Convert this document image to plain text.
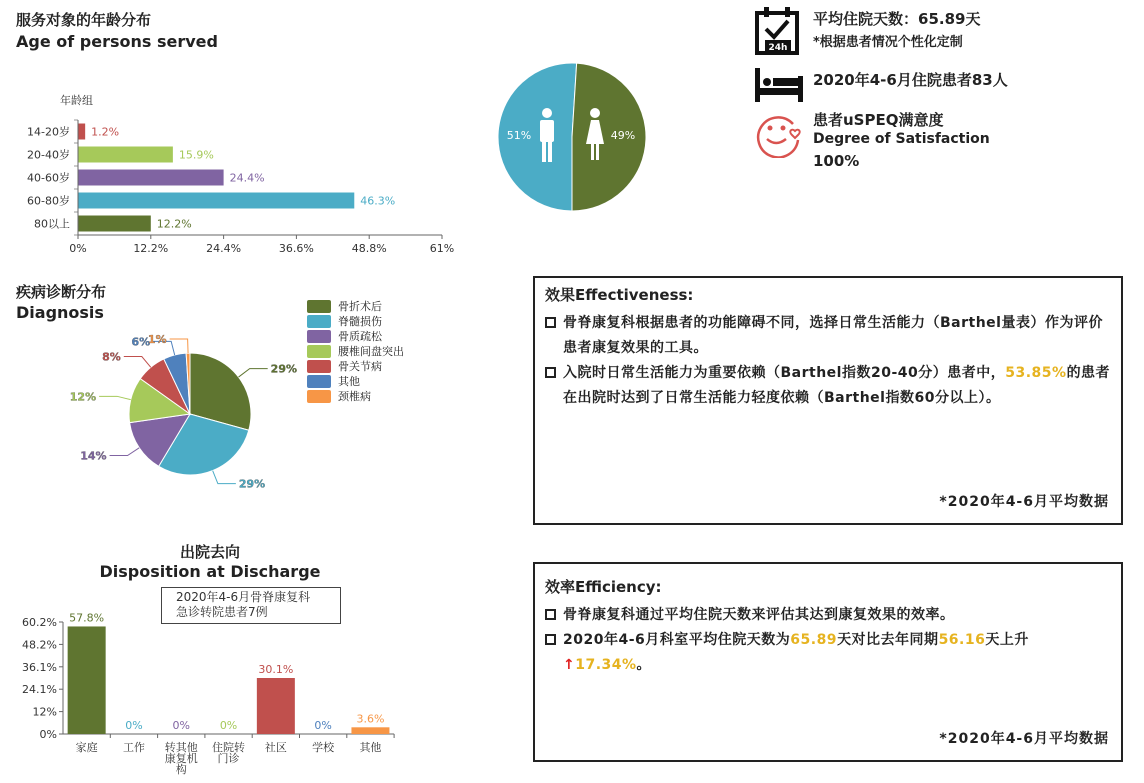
服务对象的年龄分布
Age of persons served
年龄组
14-20岁 1.2%
20-40岁	15.9%
40-60岁	24.4%
60-80岁	46.3%
80以上	12.2%
0%	12.2%	24.4%	36.6%	48.8%	61%
51%	49%
24h
平均住院天数：65.89天
*根据患者情况个性化定制
2020年4-6月住院患者83人
患者uSPEQ满意度
Degree of Satisfaction
100%
疾病诊断分布
Diagnosis
29%
29%
14%
12%
8%
6%
1%
骨折术后
脊髓损伤
骨质疏松
腰椎间盘突出
骨关节病
其他
颈椎病
效果Effectiveness:
骨脊康复科根据患者的功能障碍不同，选择日常生活能力（Barthel量表）作为评价患者康复效果的工具。
入院时日常生活能力为重要依赖（Barthel指数20-40分）患者中，53.85%的患者在出院时达到了日常生活能力轻度依赖（Barthel指数60分以上）。
*2020年4-6月平均数据
出院去向
Disposition at Discharge
2020年4-6月骨脊康复科
急诊转院患者7例
0%
12%
24.1%
36.1%
48.2%
60.2% 57.8%
家庭
0%
工作
0%
转其他
康复机
构
0%
住院转
门诊
30.1%
社区
0%
学校
3.6%
其他
效率Efficiency:
骨脊康复科通过平均住院天数来评估其达到康复效果的效率。
2020年4-6月科室平均住院天数为65.89天对比去年同期56.16天上升↑17.34%。
*2020年4-6月平均数据
